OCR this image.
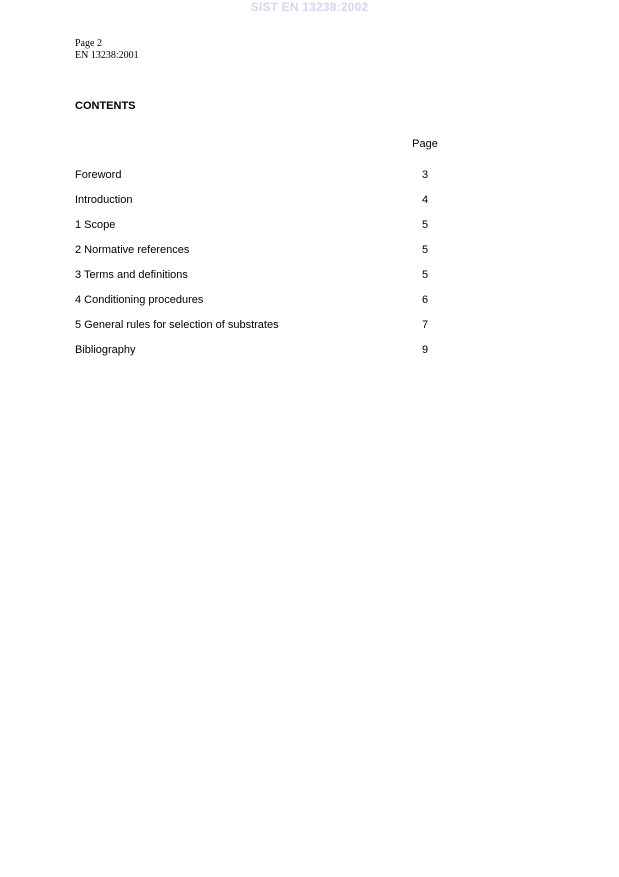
SIST EN 13238:2002
Page 2
EN 13238:2001
CONTENTS
Page
Foreword	3
Introduction	4
1 Scope	5
2 Normative references	5
3 Terms and definitions	5
4 Conditioning procedures	6
5 General rules for selection of substrates	7
Bibliography	9
